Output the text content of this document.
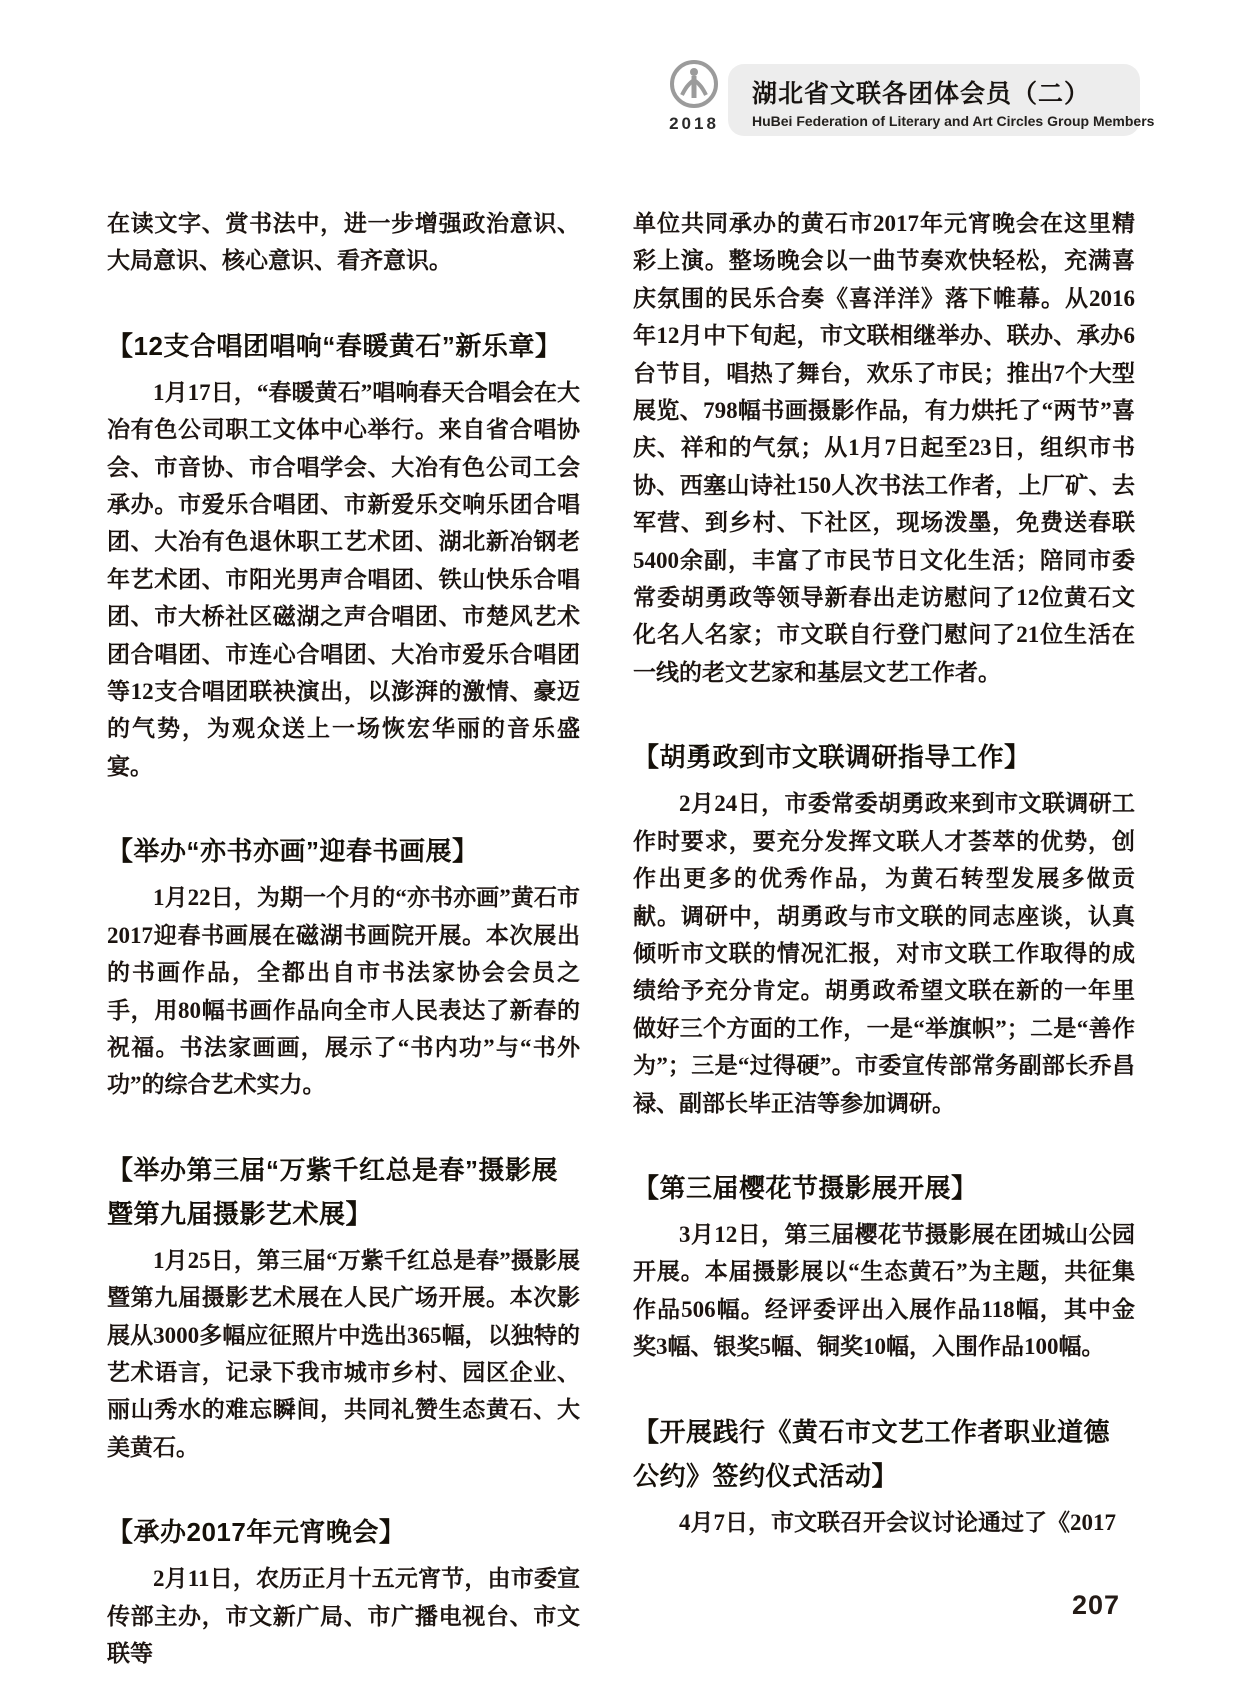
2018
湖北省文联各团体会员（二）
HuBei Federation of Literary and Art Circles Group Members

在读文字、赏书法中，进一步增强政治意识、大局意识、核心意识、看齐意识。

【12支合唱团唱响“春暖黄石”新乐章】

1月17日，“春暖黄石”唱响春天合唱会在大冶有色公司职工文体中心举行。来自省合唱协会、市音协、市合唱学会、大冶有色公司工会承办。市爱乐合唱团、市新爱乐交响乐团合唱团、大冶有色退休职工艺术团、湖北新冶钢老年艺术团、市阳光男声合唱团、铁山快乐合唱团、市大桥社区磁湖之声合唱团、市楚风艺术团合唱团、市连心合唱团、大冶市爱乐合唱团等12支合唱团联袂演出，以澎湃的激情、豪迈的气势，为观众送上一场恢宏华丽的音乐盛宴。

【举办“亦书亦画”迎春书画展】

1月22日，为期一个月的“亦书亦画”黄石市2017迎春书画展在磁湖书画院开展。本次展出的书画作品，全都出自市书法家协会会员之手，用80幅书画作品向全市人民表达了新春的祝福。书法家画画，展示了“书内功”与“书外功”的综合艺术实力。

【举办第三届“万紫千红总是春”摄影展暨第九届摄影艺术展】

1月25日，第三届“万紫千红总是春”摄影展暨第九届摄影艺术展在人民广场开展。本次影展从3000多幅应征照片中选出365幅，以独特的艺术语言，记录下我市城市乡村、园区企业、丽山秀水的难忘瞬间，共同礼赞生态黄石、大美黄石。

【承办2017年元宵晚会】

2月11日，农历正月十五元宵节，由市委宣传部主办，市文新广局、市广播电视台、市文联等

单位共同承办的黄石市2017年元宵晚会在这里精彩上演。整场晚会以一曲节奏欢快轻松，充满喜庆氛围的民乐合奏《喜洋洋》落下帷幕。从2016年12月中下旬起，市文联相继举办、联办、承办6台节目，唱热了舞台，欢乐了市民；推出7个大型展览、798幅书画摄影作品，有力烘托了“两节”喜庆、祥和的气氛；从1月7日起至23日，组织市书协、西塞山诗社150人次书法工作者，上厂矿、去军营、到乡村、下社区，现场泼墨，免费送春联5400余副，丰富了市民节日文化生活；陪同市委常委胡勇政等领导新春出走访慰问了12位黄石文化名人名家；市文联自行登门慰问了21位生活在一线的老文艺家和基层文艺工作者。

【胡勇政到市文联调研指导工作】

2月24日，市委常委胡勇政来到市文联调研工作时要求，要充分发挥文联人才荟萃的优势，创作出更多的优秀作品，为黄石转型发展多做贡献。调研中，胡勇政与市文联的同志座谈，认真倾听市文联的情况汇报，对市文联工作取得的成绩给予充分肯定。胡勇政希望文联在新的一年里做好三个方面的工作，一是“举旗帜”；二是“善作为”；三是“过得硬”。市委宣传部常务副部长乔昌禄、副部长毕正洁等参加调研。

【第三届樱花节摄影展开展】

3月12日，第三届樱花节摄影展在团城山公园开展。本届摄影展以“生态黄石”为主题，共征集作品506幅。经评委评出入展作品118幅，其中金奖3幅、银奖5幅、铜奖10幅，入围作品100幅。

【开展践行《黄石市文艺工作者职业道德公约》签约仪式活动】

4月7日，市文联召开会议讨论通过了《2017

207
